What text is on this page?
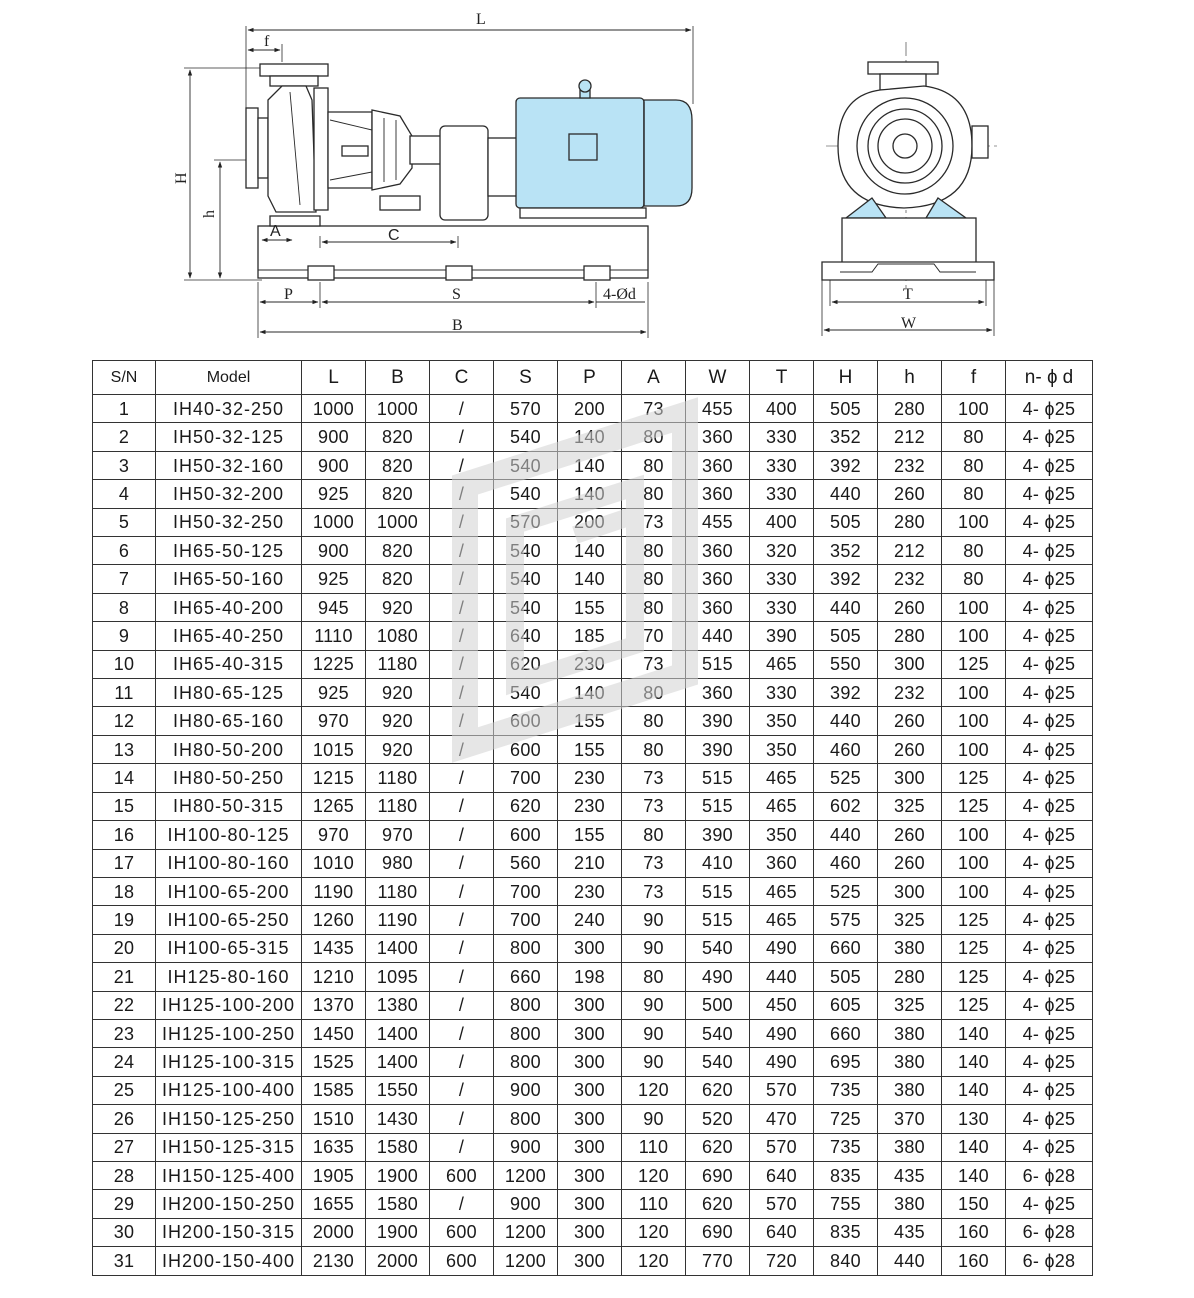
L
f
H
h
A	C
P	S	4-Ød
B
T
W
S/N	Model	L	B	C	S	P	A	W	T	H	h	f	n- ɸ d
1	IH40-32-250	1000	1000	/	570	200	73	455	400	505	280	100	4- ɸ25
2	IH50-32-125	900	820	/	540	140	80	360	330	352	212	80	4- ɸ25
3	IH50-32-160	900	820	/	540	140	80	360	330	392	232	80	4- ɸ25
4	IH50-32-200	925	820	/	540	140	80	360	330	440	260	80	4- ɸ25
5	IH50-32-250	1000	1000	/	570	200	73	455	400	505	280	100	4- ɸ25
6	IH65-50-125	900	820	/	540	140	80	360	320	352	212	80	4- ɸ25
7	IH65-50-160	925	820	/	540	140	80	360	330	392	232	80	4- ɸ25
8	IH65-40-200	945	920	/	540	155	80	360	330	440	260	100	4- ɸ25
9	IH65-40-250	1110	1080	/	640	185	70	440	390	505	280	100	4- ɸ25
10	IH65-40-315	1225	1180	/	620	230	73	515	465	550	300	125	4- ɸ25
11	IH80-65-125	925	920	/	540	140	80	360	330	392	232	100	4- ɸ25
12	IH80-65-160	970	920	/	600	155	80	390	350	440	260	100	4- ɸ25
13	IH80-50-200	1015	920	/	600	155	80	390	350	460	260	100	4- ɸ25
14	IH80-50-250	1215	1180	/	700	230	73	515	465	525	300	125	4- ɸ25
15	IH80-50-315	1265	1180	/	620	230	73	515	465	602	325	125	4- ɸ25
16	IH100-80-125	970	970	/	600	155	80	390	350	440	260	100	4- ɸ25
17	IH100-80-160	1010	980	/	560	210	73	410	360	460	260	100	4- ɸ25
18	IH100-65-200	1190	1180	/	700	230	73	515	465	525	300	100	4- ɸ25
19	IH100-65-250	1260	1190	/	700	240	90	515	465	575	325	125	4- ɸ25
20	IH100-65-315	1435	1400	/	800	300	90	540	490	660	380	125	4- ɸ25
21	IH125-80-160	1210	1095	/	660	198	80	490	440	505	280	125	4- ɸ25
22	IH125-100-200	1370	1380	/	800	300	90	500	450	605	325	125	4- ɸ25
23	IH125-100-250	1450	1400	/	800	300	90	540	490	660	380	140	4- ɸ25
24	IH125-100-315	1525	1400	/	800	300	90	540	490	695	380	140	4- ɸ25
25	IH125-100-400	1585	1550	/	900	300	120	620	570	735	380	140	4- ɸ25
26	IH150-125-250	1510	1430	/	800	300	90	520	470	725	370	130	4- ɸ25
27	IH150-125-315	1635	1580	/	900	300	110	620	570	735	380	140	4- ɸ25
28	IH150-125-400	1905	1900	600	1200	300	120	690	640	835	435	140	6- ɸ28
29	IH200-150-250	1655	1580	/	900	300	110	620	570	755	380	150	4- ɸ25
30	IH200-150-315	2000	1900	600	1200	300	120	690	640	835	435	160	6- ɸ28
31	IH200-150-400	2130	2000	600	1200	300	120	770	720	840	440	160	6- ɸ28
